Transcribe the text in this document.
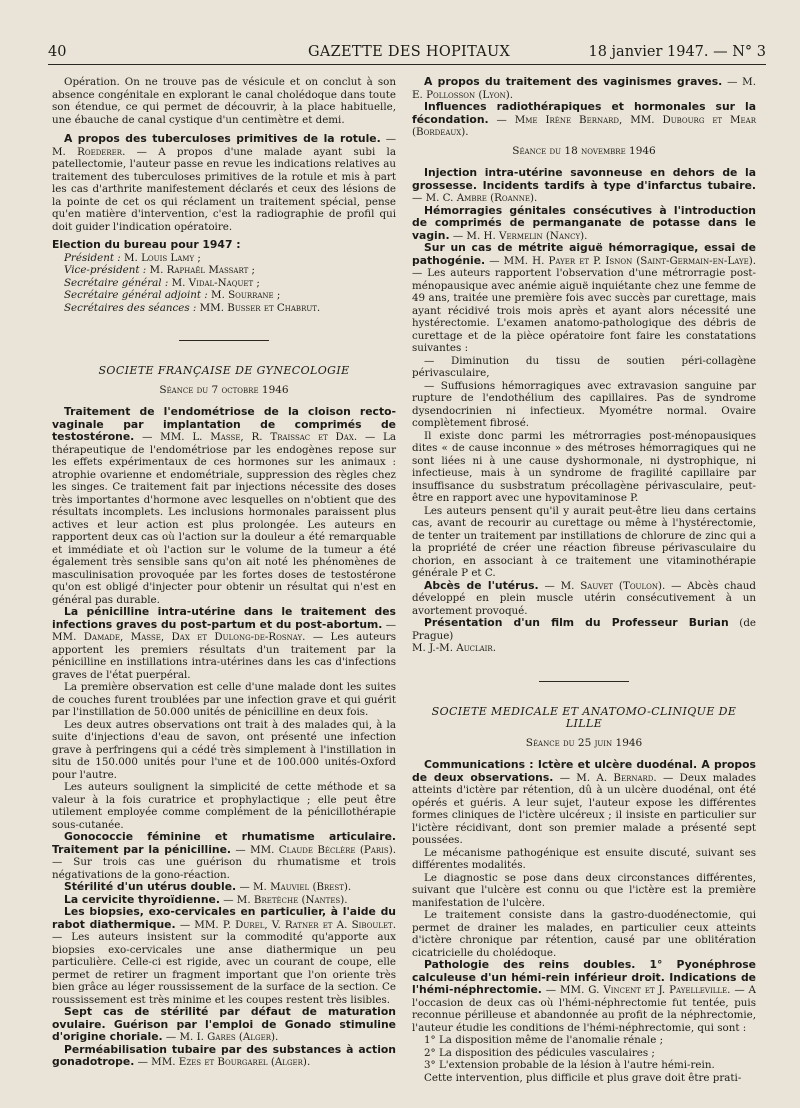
40	GAZETTE DES HOPITAUX	18 janvier 1947. — N° 3

Opération. On ne trouve pas de vésicule et on conclut à son absence congénitale en explorant le canal cholédoque dans toute son étendue, ce qui permet de découvrir, à la place habituelle, une ébauche de canal cystique d'un centimètre et demi.

A propos des tuberculoses primitives de la rotule. — M. Roederer. — A propos d'une malade ayant subi la patellectomie, l'auteur passe en revue les indications relatives au traitement des tuberculoses primitives de la rotule et mis à part les cas d'arthrite manifestement déclarés et ceux des lésions de la pointe de cet os qui réclament un traitement spécial, pense qu'en matière d'intervention, c'est la radiographie de profil qui doit guider l'indication opératoire.

Election du bureau pour 1947 :
Président : M. Louis Lamy ;
Vice-président : M. Raphaël Massart ;
Secrétaire général : M. Vidal-Naquet ;
Secrétaire général adjoint : M. Sourrane ;
Secrétaires des séances : MM. Busser et Chabrut.
SOCIETE FRANÇAISE DE GYNECOLOGIE
Séance du 7 octobre 1946

Traitement de l'endométriose de la cloison recto-vaginale par implantation de comprimés de testostérone. — MM. L. Masse, R. Traissac et Dax. — La thérapeutique de l'endométriose par les endogènes repose sur les effets expérimentaux de ces hormones sur les animaux : atrophie ovarienne et endométriale, suppression des règles chez les singes. Ce traitement fait par injections nécessite des doses très importantes d'hormone avec lesquelles on n'obtient que des résultats incomplets. Les inclusions hormonales paraissent plus actives et leur action est plus prolongée. Les auteurs en rapportent deux cas où l'action sur la douleur a été remarquable et immédiate et où l'action sur le volume de la tumeur a été également très sensible sans qu'on ait noté les phénomènes de masculinisation provoquée par les fortes doses de testostérone qu'on est obligé d'injecter pour obtenir un résultat qui n'est en général pas durable.

La pénicilline intra-utérine dans le traitement des infections graves du post-partum et du post-abortum. — MM. Damade, Masse, Dax et Dulong-de-Rosnay. — Les auteurs apportent les premiers résultats d'un traitement par la pénicilline en instillations intra-utérines dans les cas d'infections graves de l'état puerpéral.

La première observation est celle d'une malade dont les suites de couches furent troublées par une infection grave et qui guérit par l'instillation de 50.000 unités de pénicilline en deux fois.

Les deux autres observations ont trait à des malades qui, à la suite d'injections d'eau de savon, ont présenté une infection grave à perfringens qui a cédé très simplement à l'instillation in situ de 150.000 unités pour l'une et de 100.000 unités-Oxford pour l'autre.

Les auteurs soulignent la simplicité de cette méthode et sa valeur à la fois curatrice et prophylactique ; elle peut être utilement employée comme complément de la pénicillothérapie sous-cutanée.

Gonococcie féminine et rhumatisme articulaire. Traitement par la pénicilline. — MM. Claude Béclère (Paris). — Sur trois cas une guérison du rhumatisme et trois négativations de la gono-réaction.

Stérilité d'un utérus double. — M. Mauviel (Brest).

La cervicite thyroïdienne. — M. Bretèche (Nantes).

Les biopsies, exo-cervicales en particulier, à l'aide du rabot diathermique. — MM. P. Durel, V. Ratner et A. Siboulet. — Les auteurs insistent sur la commodité qu'apporte aux biopsies exo-cervicales une anse diathermique un peu particulière. Celle-ci est rigide, avec un courant de coupe, elle permet de retirer un fragment important que l'on oriente très bien grâce au léger roussissement de la surface de la section. Ce roussissement est très minime et les coupes restent très lisibles.

Sept cas de stérilité par défaut de maturation ovulaire. Guérison par l'emploi de Gonado stimuline d'origine choriale. — M. I. Gares (Alger).

Perméabilisation tubaire par des substances à action gonadotrope. — MM. Ezes et Bourgarel (Alger).

A propos du traitement des vaginismes graves. — M. E. Pollosson (Lyon).

Influences radiothérapiques et hormonales sur la fécondation. — Mme Irène Bernard, MM. Dubourg et Mear (Bordeaux).

Séance du 18 novembre 1946

Injection intra-utérine savonneuse en dehors de la grossesse. Incidents tardifs à type d'infarctus tubaire. — M. C. Ambre (Roanne).

Hémorragies génitales consécutives à l'introduction de comprimés de permanganate de potasse dans le vagin. — M. H. Vermelin (Nancy).

Sur un cas de métrite aiguë hémorragique, essai de pathogénie. — MM. H. Payer et P. Isnon (Saint-Germain-en-Laye). — Les auteurs rapportent l'observation d'une métrorragie post-ménopausique avec anémie aiguë inquiétante chez une femme de 49 ans, traitée une première fois avec succès par curettage, mais ayant récidivé trois mois après et ayant alors nécessité une hystérectomie. L'examen anatomo-pathologique des débris de curettage et de la pièce opératoire font faire les constatations suivantes :

— Diminution du tissu de soutien péri-collagène périvasculaire,

— Suffusions hémorragiques avec extravasion sanguine par rupture de l'endothélium des capillaires. Pas de syndrome dysendocrinien ni infectieux. Myométre normal. Ovaire complètement fibrosé.

Il existe donc parmi les métrorragies post-ménopausiques dites « de cause inconnue » des métroses hémorragiques qui ne sont liées ni à une cause dyshormonale, ni dystrophique, ni infectieuse, mais à un syndrome de fragilité capillaire par insuffisance du susbstratum précollagène périvasculaire, peut-être en rapport avec une hypovitaminose P.

Les auteurs pensent qu'il y aurait peut-être lieu dans certains cas, avant de recourir au curettage ou même à l'hystérectomie, de tenter un traitement par instillations de chlorure de zinc qui a la propriété de créer une réaction fibreuse périvasculaire du chorion, en associant à ce traitement une vitaminothérapie générale P et C.

Abcès de l'utérus. — M. Sauvet (Toulon). — Abcès chaud développé en plein muscle utérin consécutivement à un avortement provoqué.

Présentation d'un film du Professeur Burian (de Prague)
M. J.-M. Auclair.

SOCIETE MEDICALE ET ANATOMO-CLINIQUE DE LILLE
Séance du 25 juin 1946

Communications : Ictère et ulcère duodénal. A propos de deux observations. — M. A. Bernard. — Deux malades atteints d'ictère par rétention, dû à un ulcère duodénal, ont été opérés et guéris. A leur sujet, l'auteur expose les différentes formes cliniques de l'ictère ulcéreux ; il insiste en particulier sur l'ictère récidivant, dont son premier malade a présenté sept poussées.

Le mécanisme pathogénique est ensuite discuté, suivant ses différentes modalités.

Le diagnostic se pose dans deux circonstances différentes, suivant que l'ulcère est connu ou que l'ictère est la première manifestation de l'ulcère.

Le traitement consiste dans la gastro-duodénectomie, qui permet de drainer les malades, en particulier ceux atteints d'ictère chronique par rétention, causé par une oblitération cicatricielle du cholédoque.

Pathologie des reins doubles. 1° Pyonéphrose calculeuse d'un hémi-rein inférieur droit. Indications de l'hémi-néphrectomie. — MM. G. Vincent et J. Payelleville. — A l'occasion de deux cas où l'hémi-néphrectomie fut tentée, puis reconnue périlleuse et abandonnée au profit de la néphrectomie, l'auteur étudie les conditions de l'hémi-néphrectomie, qui sont :

1° La disposition même de l'anomalie rénale ;

2° La disposition des pédicules vasculaires ;

3° L'extension probable de la lésion à l'autre hémi-rein.

Cette intervention, plus difficile et plus grave doit être prati-
